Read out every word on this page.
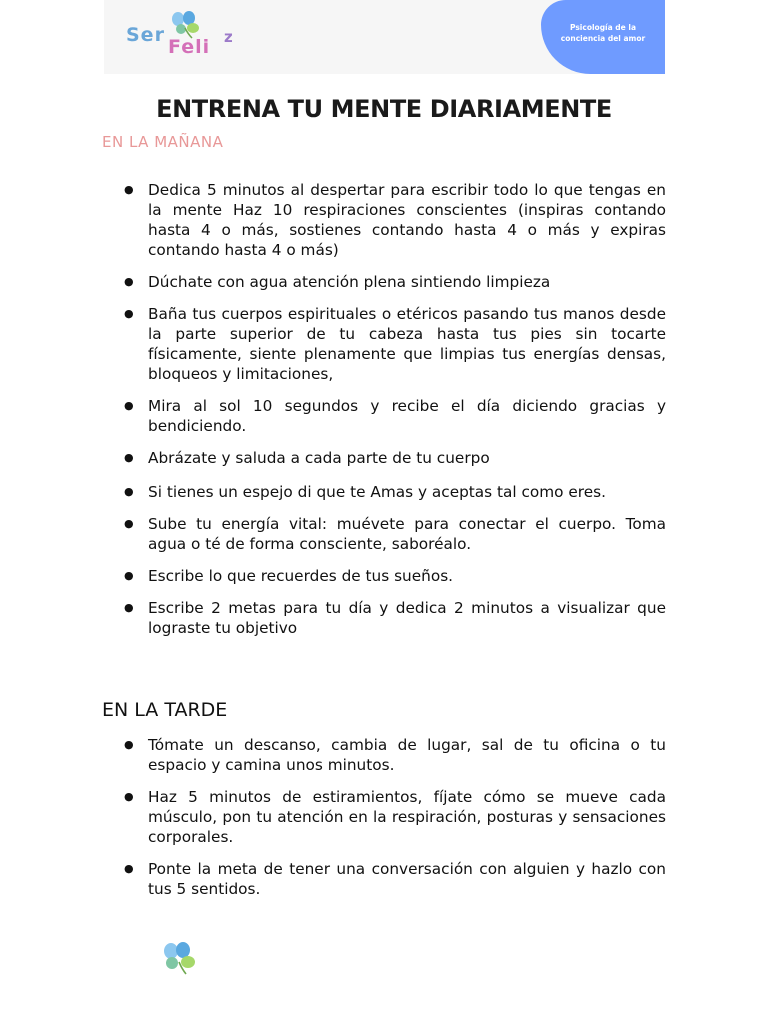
Ser
Feli z
Psicología de la
conciencia del amor
ENTRENA TU MENTE DIARIAMENTE
EN LA MAÑANA
● Dedica 5 minutos al despertar para escribir todo lo que tengas en la mente Haz 10 respiraciones conscientes (inspiras contando hasta 4 o más, sostienes contando hasta 4 o más y expiras contando hasta 4 o más)
● Dúchate con agua atención plena sintiendo limpieza
● Baña tus cuerpos espirituales o etéricos pasando tus manos desde la parte superior de tu cabeza hasta tus pies sin tocarte físicamente, siente plenamente que limpias tus energías densas, bloqueos y limitaciones,
● Mira al sol 10 segundos y recibe el día diciendo gracias y bendiciendo.
● Abrázate y saluda a cada parte de tu cuerpo
● Si tienes un espejo di que te Amas y aceptas tal como eres.
● Sube tu energía vital: muévete para conectar el cuerpo. Toma agua o té de forma consciente, saboréalo.
● Escribe lo que recuerdes de tus sueños.
● Escribe 2 metas para tu día y dedica 2 minutos a visualizar que lograste tu objetivo
EN LA TARDE
● Tómate un descanso, cambia de lugar, sal de tu oficina o tu espacio y camina unos minutos.
● Haz 5 minutos de estiramientos, fíjate cómo se mueve cada músculo, pon tu atención en la respiración, posturas y sensaciones corporales.
● Ponte la meta de tener una conversación con alguien y hazlo con tus 5 sentidos.
